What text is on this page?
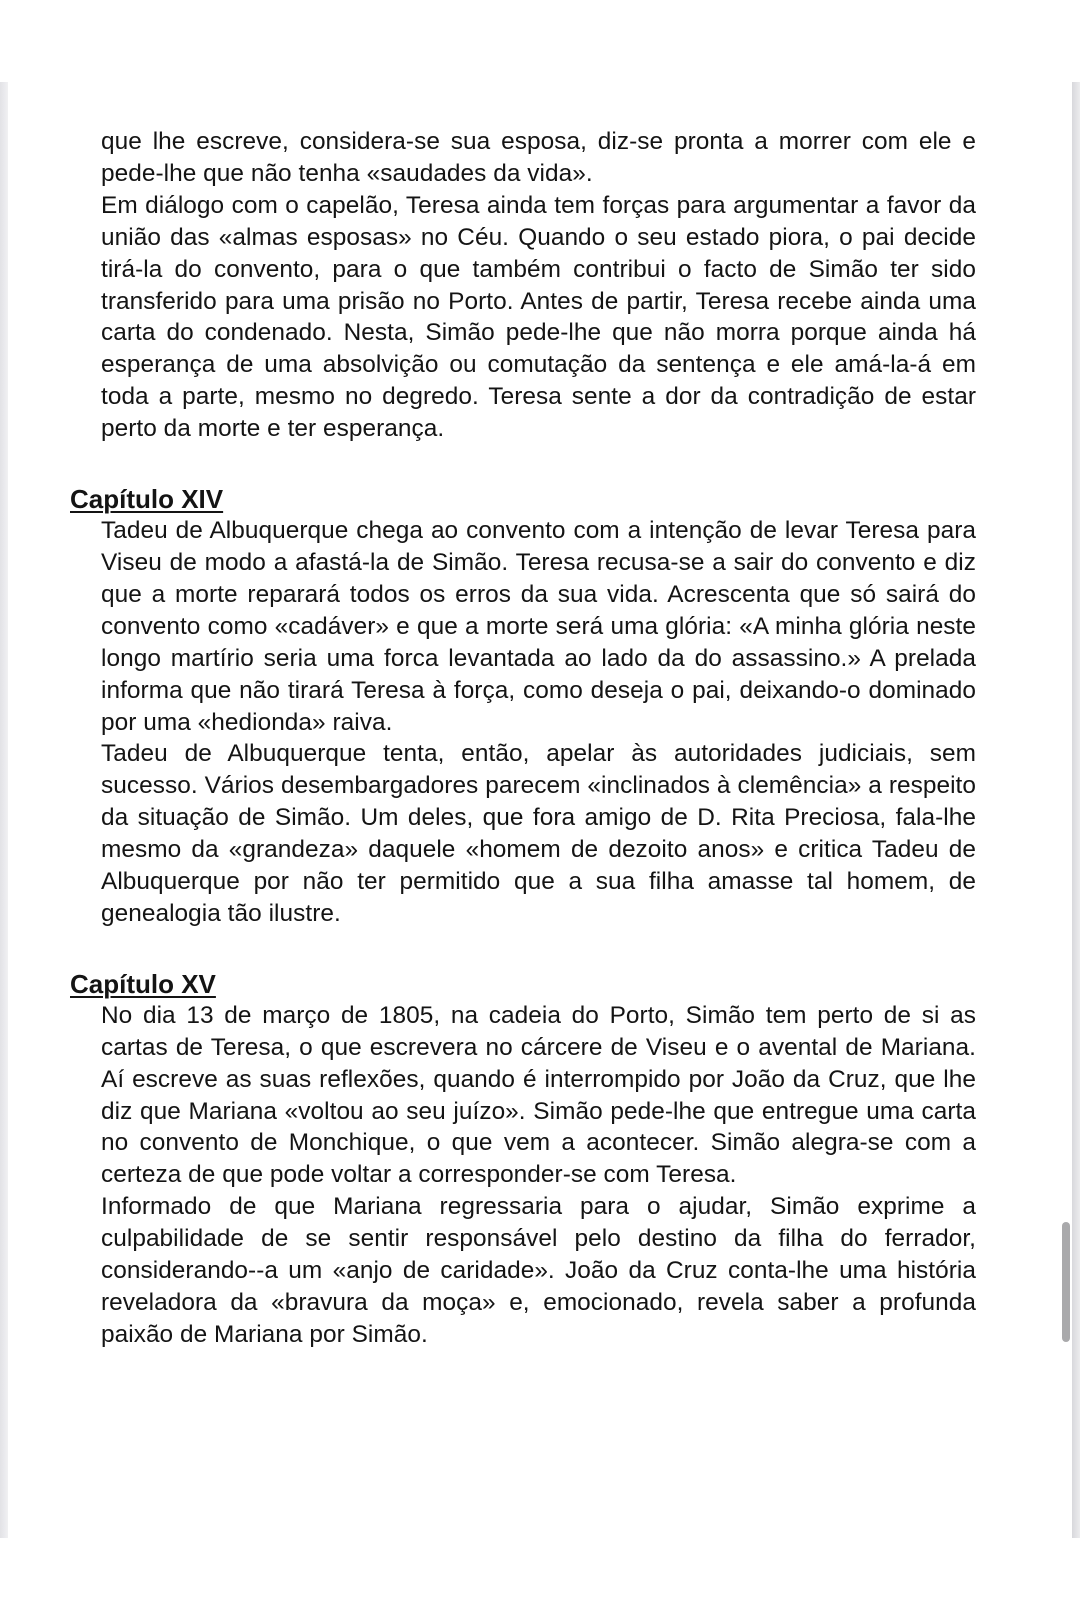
que lhe escreve, considera-se sua esposa, diz-se pronta a morrer com ele e pede-lhe que não tenha «saudades da vida».

Em diálogo com o capelão, Teresa ainda tem forças para argumentar a favor da união das «almas esposas» no Céu. Quando o seu estado piora, o pai decide tirá-la do convento, para o que também contribui o facto de Simão ter sido transferido para uma prisão no Porto. Antes de partir, Teresa recebe ainda uma carta do condenado. Nesta, Simão pede-lhe que não morra porque ainda há esperança de uma absolvição ou comutação da sentença e ele amá-la-á em toda a parte, mesmo no degredo. Teresa sente a dor da contradição de estar perto da morte e ter esperança.

Capítulo XIV

Tadeu de Albuquerque chega ao convento com a intenção de levar Teresa para Viseu de modo a afastá-la de Simão. Teresa recusa-se a sair do convento e diz que a morte reparará todos os erros da sua vida. Acrescenta que só sairá do convento como «cadáver» e que a morte será uma glória: «A minha glória neste longo martírio seria uma forca levantada ao lado da do assassino.» A prelada informa que não tirará Teresa à força, como deseja o pai, deixando-o dominado por uma «hedionda» raiva.

Tadeu de Albuquerque tenta, então, apelar às autoridades judiciais, sem sucesso. Vários desembargadores parecem «inclinados à clemência» a respeito da situação de Simão. Um deles, que fora amigo de D. Rita Preciosa, fala-lhe mesmo da «grandeza» daquele «homem de dezoito anos» e critica Tadeu de Albuquerque por não ter permitido que a sua filha amasse tal homem, de genealogia tão ilustre.

Capítulo XV

No dia 13 de março de 1805, na cadeia do Porto, Simão tem perto de si as cartas de Teresa, o que escrevera no cárcere de Viseu e o avental de Mariana. Aí escreve as suas reflexões, quando é interrompido por João da Cruz, que lhe diz que Mariana «voltou ao seu juízo». Simão pede-lhe que entregue uma carta no convento de Monchique, o que vem a acontecer. Simão alegra-se com a certeza de que pode voltar a corresponder-se com Teresa.

Informado de que Mariana regressaria para o ajudar, Simão exprime a culpabilidade de se sentir responsável pelo destino da filha do ferrador, considerando--a um «anjo de caridade». João da Cruz conta-lhe uma história reveladora da «bravura da moça» e, emocionado, revela saber a profunda paixão de Mariana por Simão.
